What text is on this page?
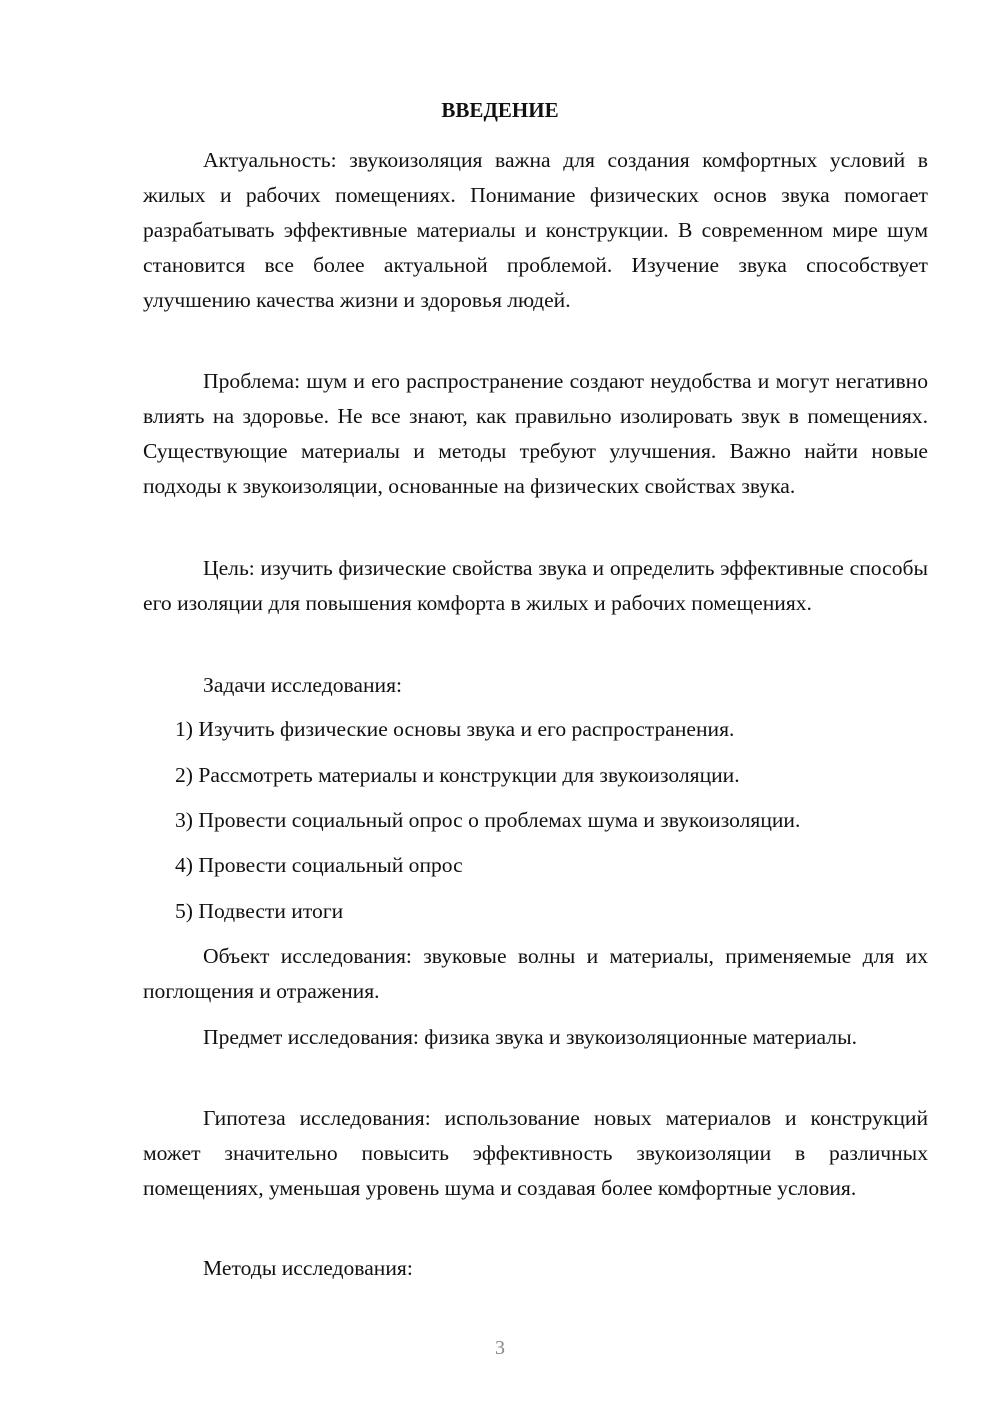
ВВЕДЕНИЕ

Актуальность: звукоизоляция важна для создания комфортных условий в жилых и рабочих помещениях. Понимание физических основ звука помогает разрабатывать эффективные материалы и конструкции. В современном мире шум становится все более актуальной проблемой. Изучение звука способствует улучшению качества жизни и здоровья людей.

Проблема: шум и его распространение создают неудобства и могут негативно влиять на здоровье. Не все знают, как правильно изолировать звук в помещениях. Существующие материалы и методы требуют улучшения. Важно найти новые подходы к звукоизоляции, основанные на физических свойствах звука.

Цель: изучить физические свойства звука и определить эффективные способы его изоляции для повышения комфорта в жилых и рабочих помещениях.

Задачи исследования:

1) Изучить физические основы звука и его распространения.

2) Рассмотреть материалы и конструкции для звукоизоляции.

3) Провести социальный опрос о проблемах шума и звукоизоляции.

4) Провести социальный опрос

5) Подвести итоги

Объект исследования: звуковые волны и материалы, применяемые для их поглощения и отражения.

Предмет исследования: физика звука и звукоизоляционные материалы.

Гипотеза исследования: использование новых материалов и конструкций может значительно повысить эффективность звукоизоляции в различных помещениях, уменьшая уровень шума и создавая более комфортные условия.

Методы исследования:

3
